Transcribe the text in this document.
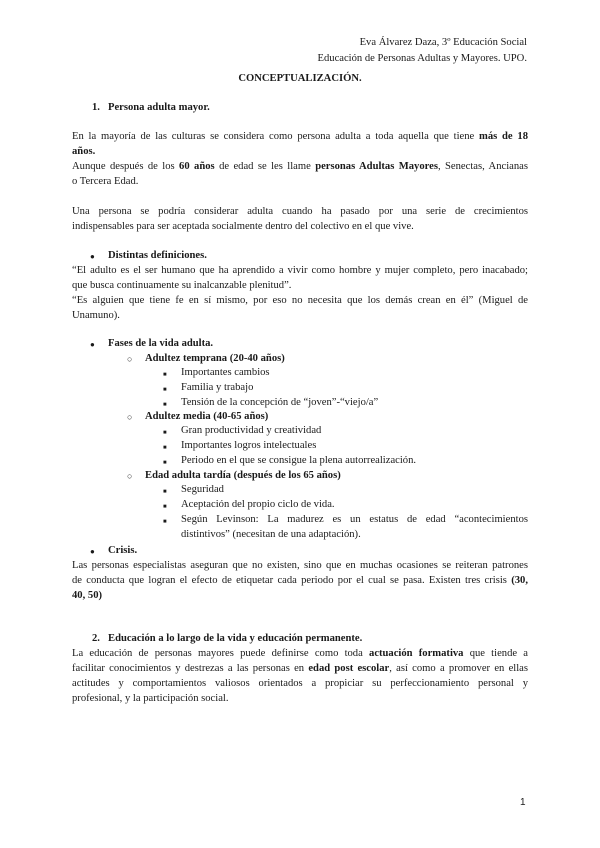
Eva Álvarez Daza, 3º Educación Social
Educación de Personas Adultas y Mayores. UPO.
CONCEPTUALIZACIÓN.
1. Persona adulta mayor.
En la mayoría de las culturas se considera como persona adulta a toda aquella que tiene más de 18
años.
Aunque después de los 60 años de edad se les llame personas Adultas Mayores, Senectas, Ancianas
o Tercera Edad.
Una persona se podría considerar adulta cuando ha pasado por una serie de crecimientos
indispensables para ser aceptada socialmente dentro del colectivo en el que vive.
● Distintas definiciones.
“El adulto es el ser humano que ha aprendido a vivir como hombre y mujer completo, pero inacabado;
que busca continuamente su inalcanzable plenitud”.
“Es alguien que tiene fe en sí mismo, por eso no necesita que los demás crean en él” (Miguel de
Unamuno).
● Fases de la vida adulta.
○ Adultez temprana (20-40 años)
■ Importantes cambios
■ Familia y trabajo
■ Tensión de la concepción de “joven”-“viejo/a”
○ Adultez media (40-65 años)
■ Gran productividad y creatividad
■ Importantes logros intelectuales
■ Periodo en el que se consigue la plena autorrealización.
○ Edad adulta tardía (después de los 65 años)
■ Seguridad
■ Aceptación del propio ciclo de vida.
■ Según Levinson: La madurez es un estatus de edad “acontecimientos
distintivos” (necesitan de una adaptación).
● Crisis.
Las personas especialistas aseguran que no existen, sino que en muchas ocasiones se reiteran patrones
de conducta que logran el efecto de etiquetar cada periodo por el cual se pasa. Existen tres crisis (30,
40, 50)
2. Educación a lo largo de la vida y educación permanente.
La educación de personas mayores puede definirse como toda actuación formativa que tiende a
facilitar conocimientos y destrezas a las personas en edad post escolar, así como a promover en ellas
actitudes y comportamientos valiosos orientados a propiciar su perfeccionamiento personal y
profesional, y la participación social.
1
